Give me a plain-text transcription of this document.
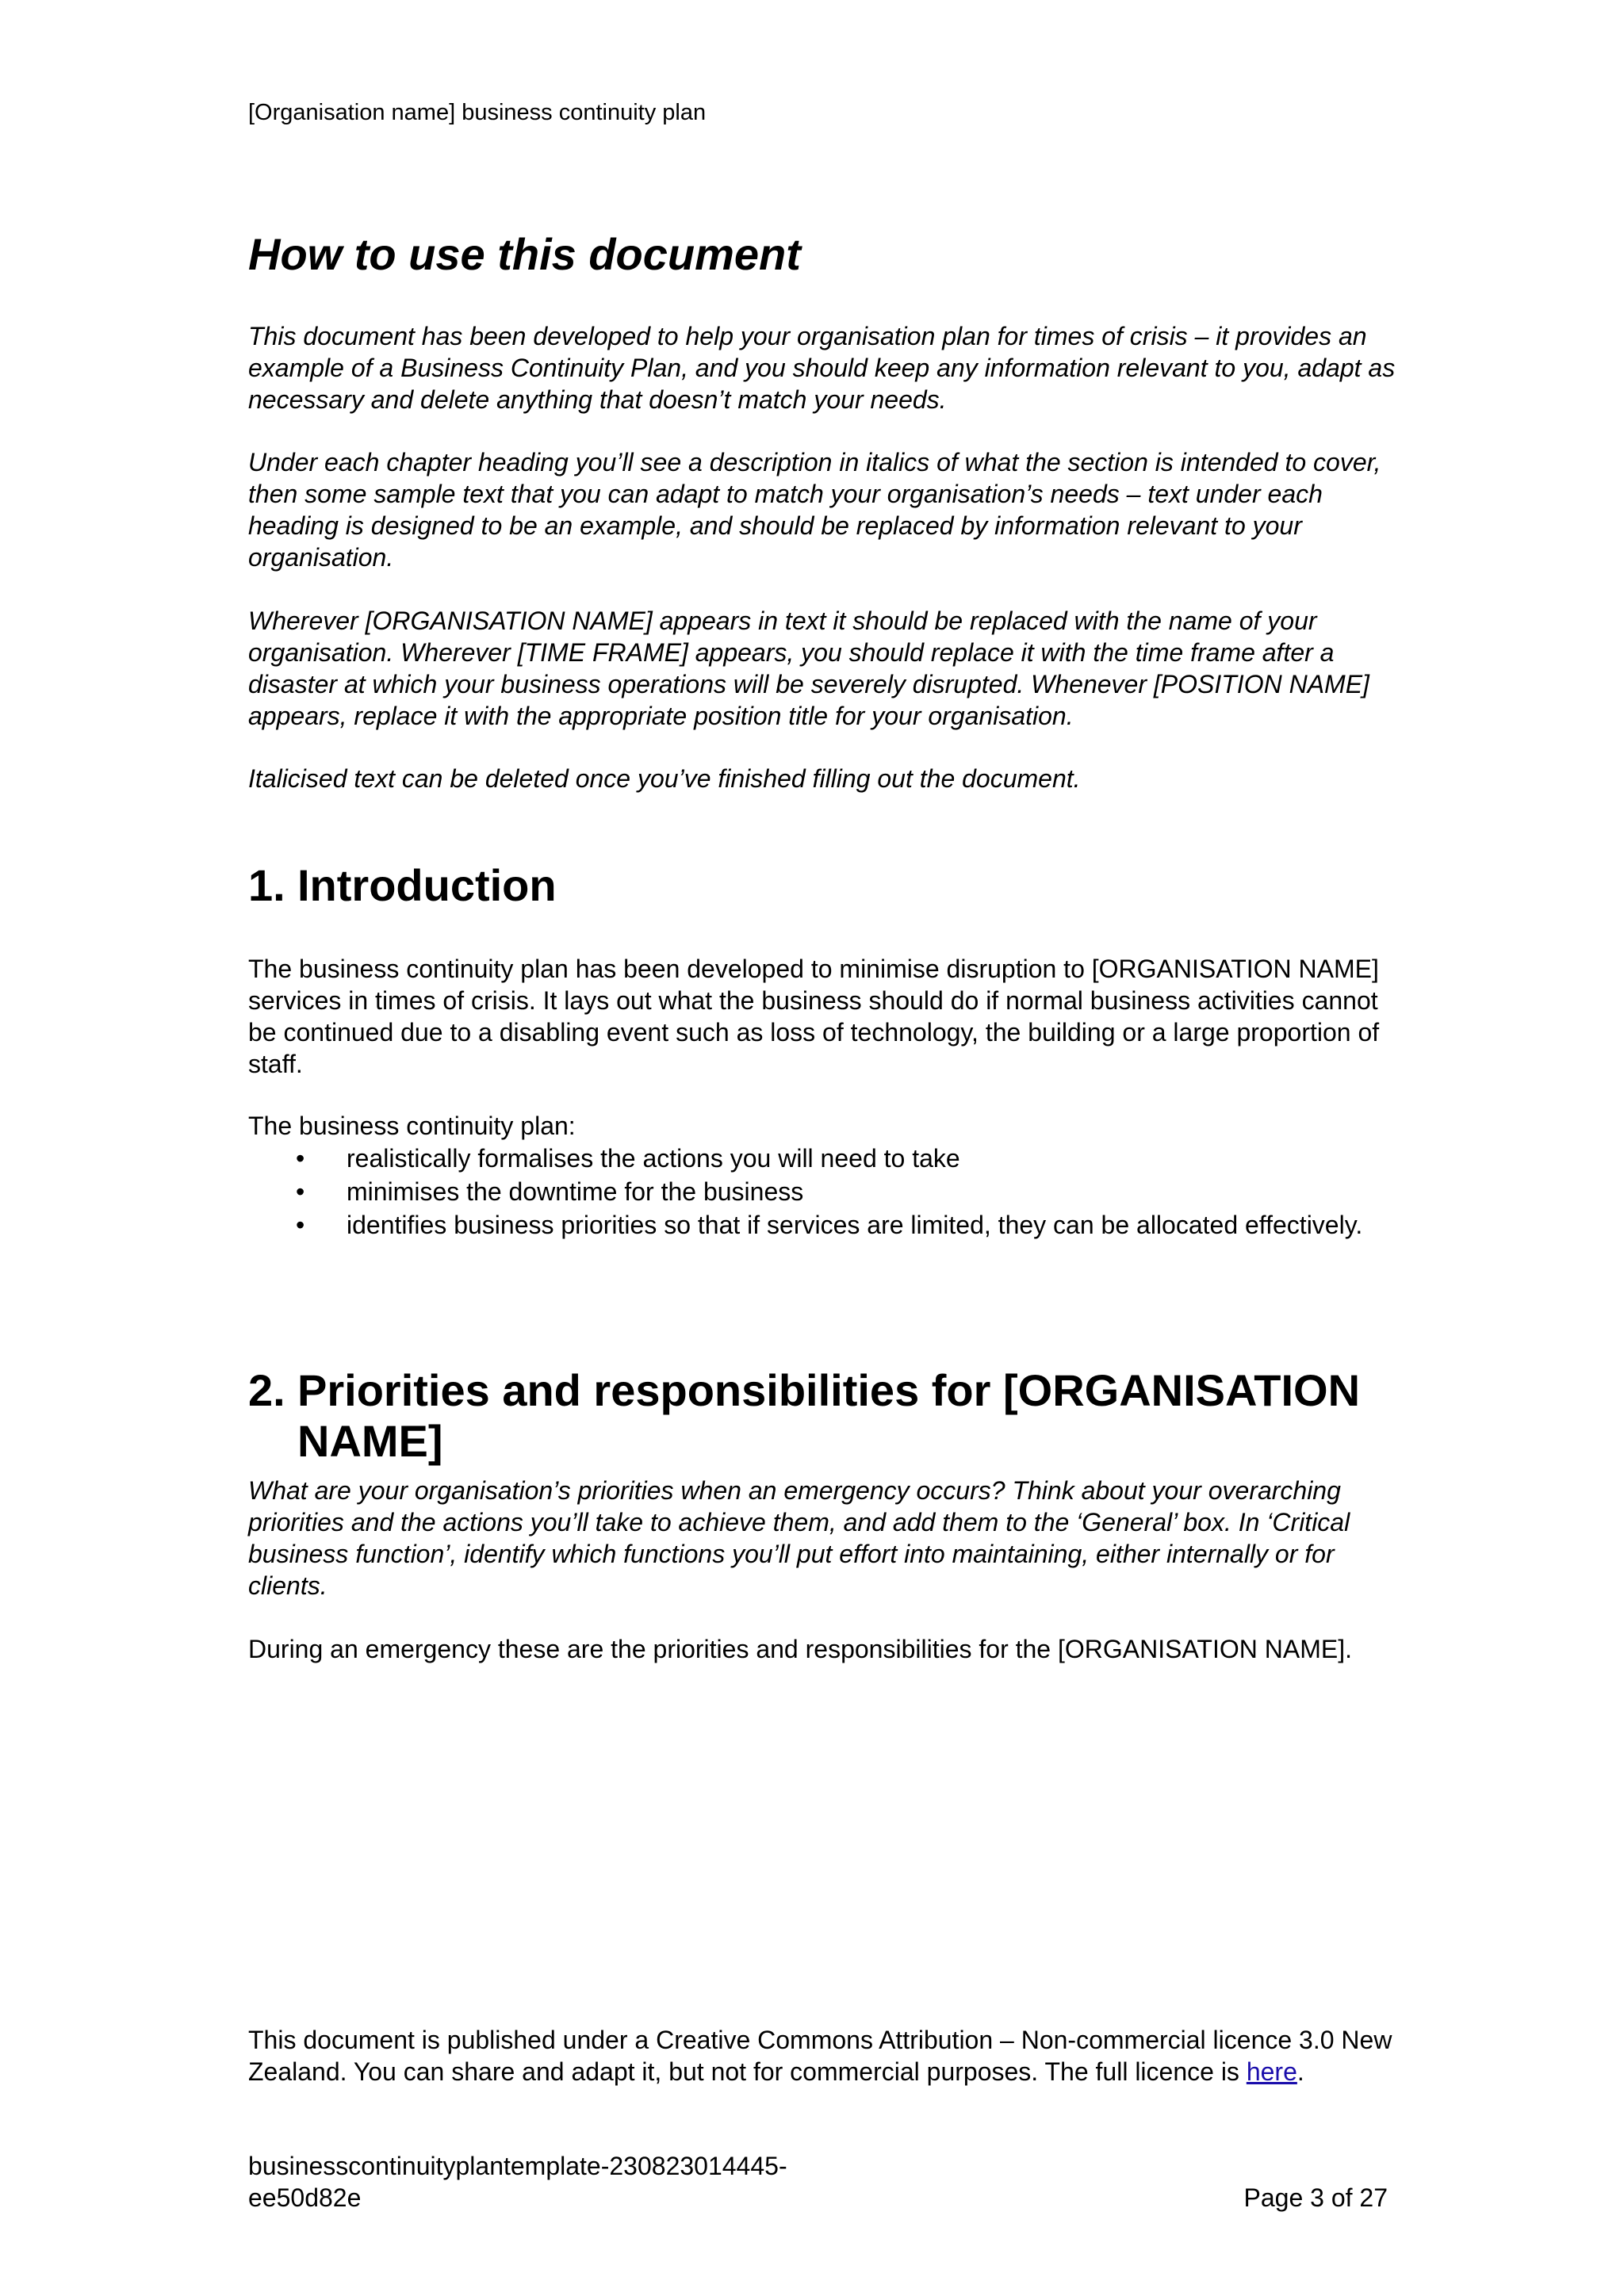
[Organisation name] business continuity plan
How to use this document

This document has been developed to help your organisation plan for times of crisis – it provides an example of a Business Continuity Plan, and you should keep any information relevant to you, adapt as necessary and delete anything that doesn’t match your needs.

Under each chapter heading you’ll see a description in italics of what the section is intended to cover, then some sample text that you can adapt to match your organisation’s needs – text under each heading is designed to be an example, and should be replaced by information relevant to your organisation.

Wherever [ORGANISATION NAME] appears in text it should be replaced with the name of your organisation. Wherever [TIME FRAME] appears, you should replace it with the time frame after a disaster at which your business operations will be severely disrupted. Whenever [POSITION NAME] appears, replace it with the appropriate position title for your organisation.

Italicised text can be deleted once you’ve finished filling out the document.

1. Introduction

The business continuity plan has been developed to minimise disruption to [ORGANISATION NAME] services in times of crisis. It lays out what the business should do if normal business activities cannot be continued due to a disabling event such as loss of technology, the building or a large proportion of staff.

The business continuity plan:

• realistically formalises the actions you will need to take
• minimises the downtime for the business
• identifies business priorities so that if services are limited, they can be allocated effectively.
2. Priorities and responsibilities for [ORGANISATION
NAME]

What are your organisation’s priorities when an emergency occurs? Think about your overarching priorities and the actions you’ll take to achieve them, and add them to the ‘General’ box. In ‘Critical business function’, identify which functions you’ll put effort into maintaining, either internally or for clients.

During an emergency these are the priorities and responsibilities for the [ORGANISATION NAME].

This document is published under a Creative Commons Attribution – Non-commercial licence 3.0 New Zealand. You can share and adapt it, but not for commercial purposes. The full licence is here.

businesscontinuityplantemplate-230823014445-
ee50d82e	Page 3 of 27
